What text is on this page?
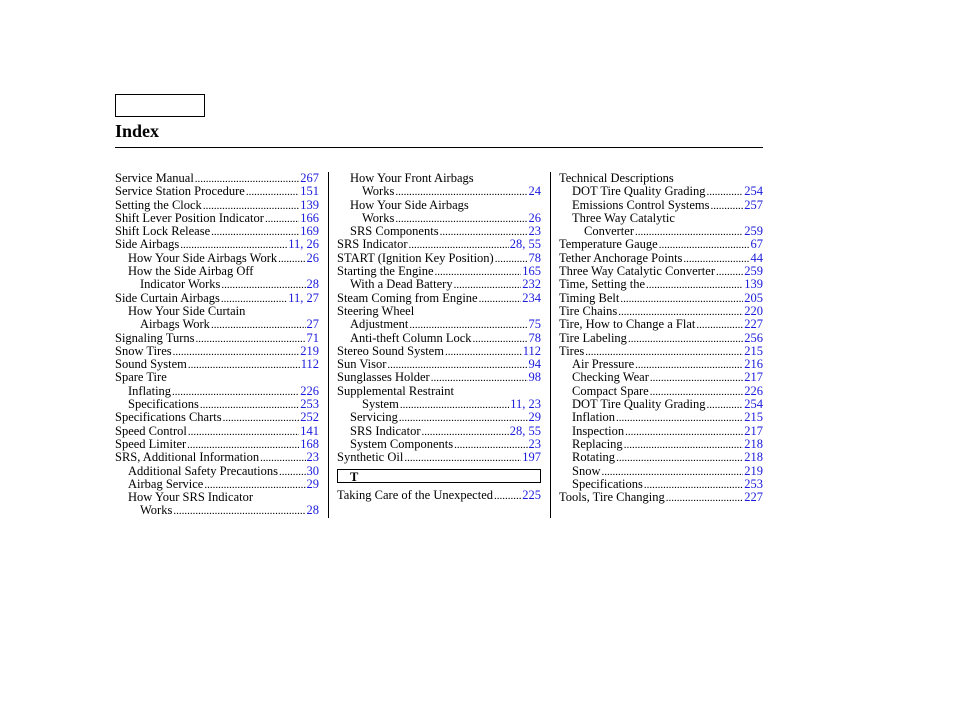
Index
Service Manual .....	267
Service Station Procedure .....	151
Setting the Clock .....	139
Shift Lever Position Indicator .....	166
Shift Lock Release .....	169
Side Airbags .....	11, 26
How Your Side Airbags Work ..... 26
How the Side Airbag Off
Indicator Works .....	28
Side Curtain Airbags .....	11, 27
How Your Side Curtain
Airbags Work .....	27
Signaling Turns .....	71
Snow Tires .....	219
Sound System .....	112
Spare Tire
Inflating .....	226
Specifications .....	253
Specifications Charts .....	252
Speed Control .....	141
Speed Limiter .....	168
SRS, Additional Information .....	23
Additional Safety Precautions ..... 30
Airbag Service .....	29
How Your SRS Indicator
Works .....	28
How Your Front Airbags
Works .....	24
How Your Side Airbags
Works .....	26
SRS Components .....	23
SRS Indicator .....	28, 55
START (Ignition Key Position) .....	78
Starting the Engine .....	165
With a Dead Battery .....	232
Steam Coming from Engine .....	234
Steering Wheel
Adjustment .....	75
Anti-theft Column Lock .....	78
Stereo Sound System .....	112
Sun Visor .....	94
Sunglasses Holder .....	98
Supplemental Restraint
System .....	11, 23
Servicing .....	29
SRS Indicator .....	28, 55
System Components .....	23
Synthetic Oil .....	197
T
Taking Care of the Unexpected ..... 225
Technical Descriptions
DOT Tire Quality Grading .....	254
Emissions Control Systems .....	257
Three Way Catalytic
Converter .....	259
Temperature Gauge .....	67
Tether Anchorage Points .....	44
Three Way Catalytic Converter ..... 259
Time, Setting the .....	139
Timing Belt .....	205
Tire Chains .....	220
Tire, How to Change a Flat .....	227
Tire Labeling .....	256
Tires .....	215
Air Pressure .....	216
Checking Wear .....	217
Compact Spare .....	226
DOT Tire Quality Grading .....	254
Inflation .....	215
Inspection .....	217
Replacing .....	218
Rotating .....	218
Snow .....	219
Specifications .....	253
Tools, Tire Changing .....	227
